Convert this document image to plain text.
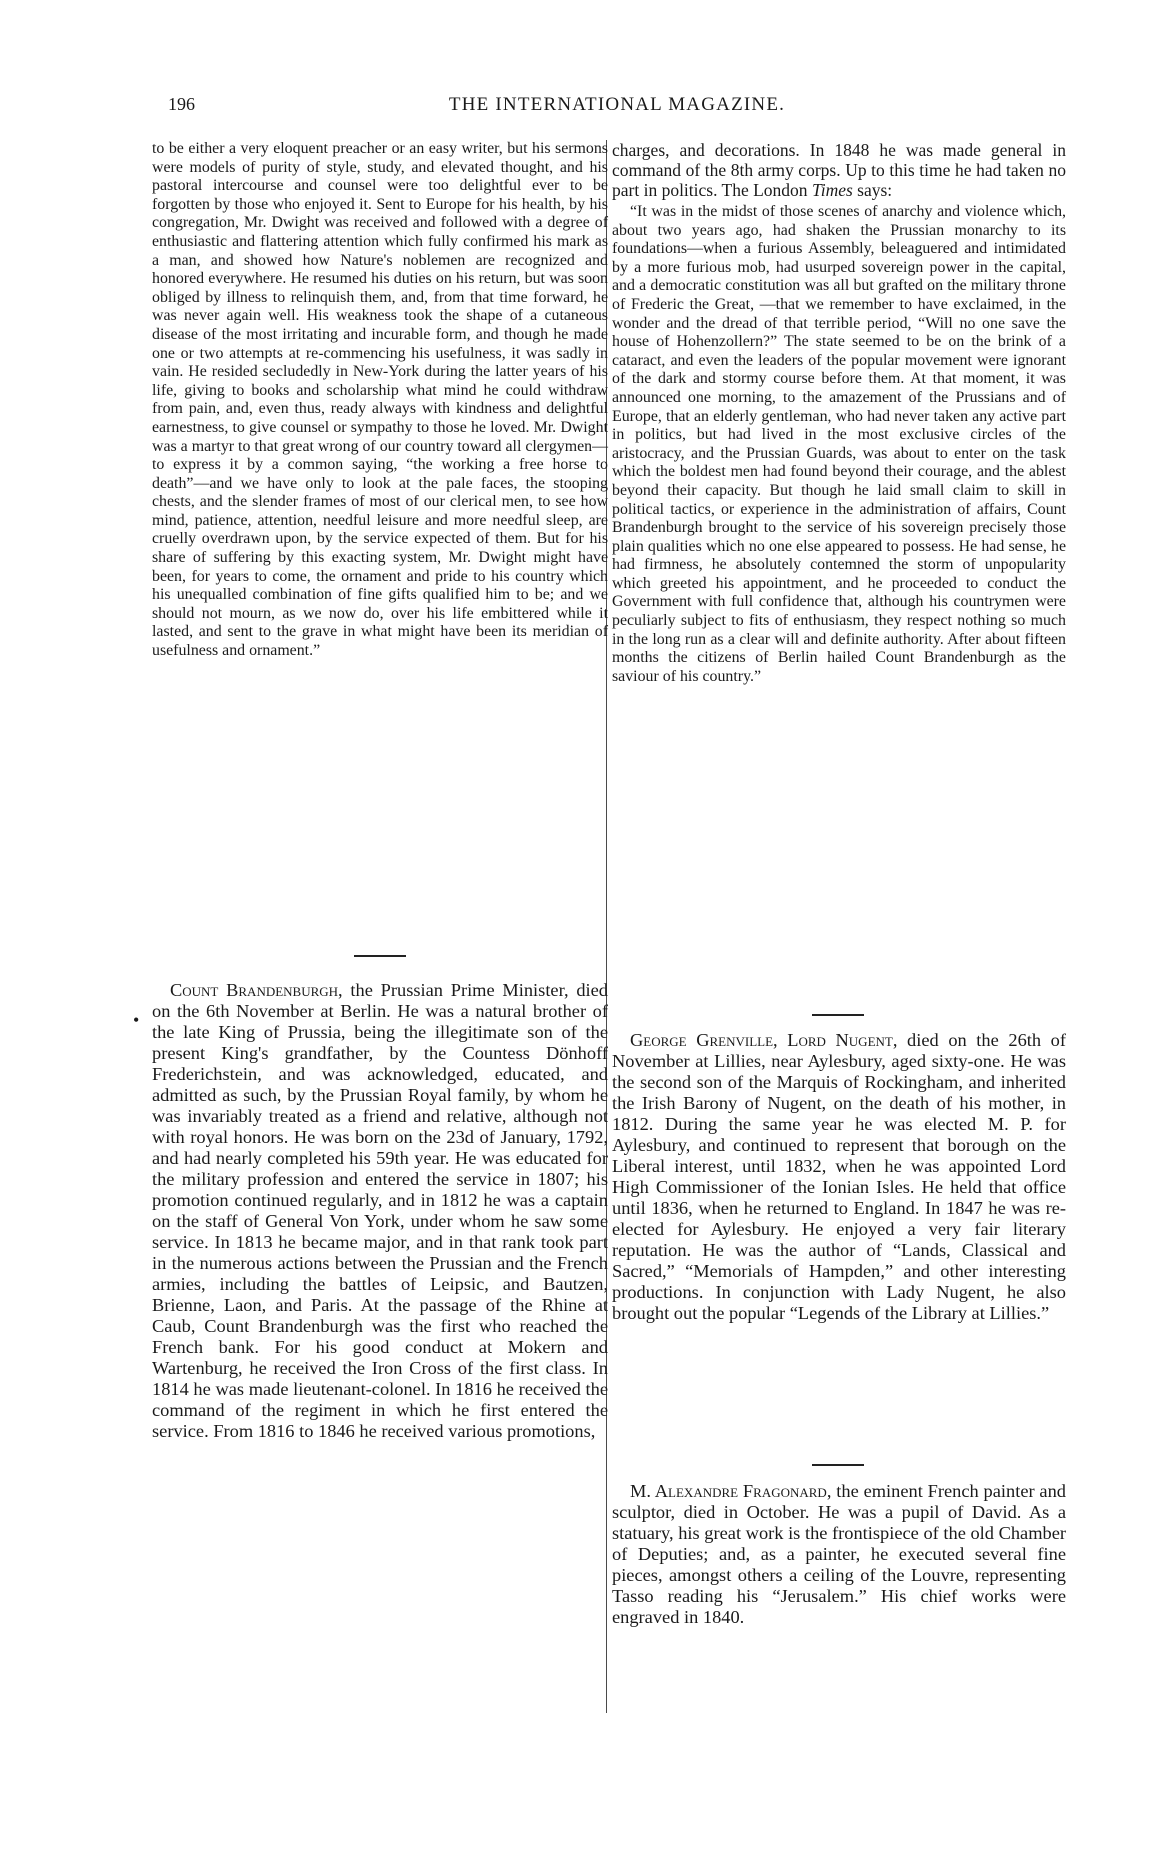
196	THE INTERNATIONAL MAGAZINE.

to be either a very eloquent preacher or an easy writer, but his sermons were models of purity of style, study, and elevated thought, and his pastoral intercourse and counsel were too delightful ever to be forgotten by those who enjoyed it. Sent to Europe for his health, by his congregation, Mr. Dwight was received and followed with a degree of enthusiastic and flattering attention which fully confirmed his mark as a man, and showed how Nature's noblemen are recognized and honored everywhere. He resumed his duties on his return, but was soon obliged by illness to relinquish them, and, from that time forward, he was never again well. His weakness took the shape of a cutaneous disease of the most irritating and incurable form, and though he made one or two attempts at re-commencing his usefulness, it was sadly in vain. He resided secludedly in New-York during the latter years of his life, giving to books and scholarship what mind he could withdraw from pain, and, even thus, ready always with kindness and delightful earnestness, to give counsel or sympathy to those he loved. Mr. Dwight was a martyr to that great wrong of our country toward all clergymen—to express it by a common saying, “the working a free horse to death”—and we have only to look at the pale faces, the stooping chests, and the slender frames of most of our clerical men, to see how mind, patience, attention, needful leisure and more needful sleep, are cruelly overdrawn upon, by the service expected of them. But for his share of suffering by this exacting system, Mr. Dwight might have been, for years to come, the ornament and pride to his country which his unequalled combination of fine gifts qualified him to be; and we should not mourn, as we now do, over his life embittered while it lasted, and sent to the grave in what might have been its meridian of usefulness and ornament.”

•

Count Brandenburgh, the Prussian Prime Minister, died on the 6th November at Berlin. He was a natural brother of the late King of Prussia, being the illegitimate son of the present King's grandfather, by the Countess Dönhoff Frederichstein, and was acknowledged, educated, and admitted as such, by the Prussian Royal family, by whom he was invariably treated as a friend and relative, although not with royal honors. He was born on the 23d of January, 1792, and had nearly completed his 59th year. He was educated for the military profession and entered the service in 1807; his promotion continued regularly, and in 1812 he was a captain on the staff of General Von York, under whom he saw some service. In 1813 he became major, and in that rank took part in the numerous actions between the Prussian and the French armies, including the battles of Leipsic, and Bautzen, Brienne, Laon, and Paris. At the passage of the Rhine at Caub, Count Brandenburgh was the first who reached the French bank. For his good conduct at Mokern and Wartenburg, he received the Iron Cross of the first class. In 1814 he was made lieutenant-colonel. In 1816 he received the command of the regiment in which he first entered the service. From 1816 to 1846 he received various promotions,

charges, and decorations. In 1848 he was made general in command of the 8th army corps. Up to this time he had taken no part in politics. The London Times says:

“It was in the midst of those scenes of anarchy and violence which, about two years ago, had shaken the Prussian monarchy to its foundations—when a furious Assembly, beleaguered and intimidated by a more furious mob, had usurped sovereign power in the capital, and a democratic constitution was all but grafted on the military throne of Frederic the Great, —that we remember to have exclaimed, in the wonder and the dread of that terrible period, “Will no one save the house of Hohenzollern?” The state seemed to be on the brink of a cataract, and even the leaders of the popular movement were ignorant of the dark and stormy course before them. At that moment, it was announced one morning, to the amazement of the Prussians and of Europe, that an elderly gentleman, who had never taken any active part in politics, but had lived in the most exclusive circles of the aristocracy, and the Prussian Guards, was about to enter on the task which the boldest men had found beyond their courage, and the ablest beyond their capacity. But though he laid small claim to skill in political tactics, or experience in the administration of affairs, Count Brandenburgh brought to the service of his sovereign precisely those plain qualities which no one else appeared to possess. He had sense, he had firmness, he absolutely contemned the storm of unpopularity which greeted his appointment, and he proceeded to conduct the Government with full confidence that, although his countrymen were peculiarly subject to fits of enthusiasm, they respect nothing so much in the long run as a clear will and definite authority. After about fifteen months the citizens of Berlin hailed Count Brandenburgh as the saviour of his country.”

George Grenville, Lord Nugent, died on the 26th of November at Lillies, near Aylesbury, aged sixty-one. He was the second son of the Marquis of Rockingham, and inherited the Irish Barony of Nugent, on the death of his mother, in 1812. During the same year he was elected M. P. for Aylesbury, and continued to represent that borough on the Liberal interest, until 1832, when he was appointed Lord High Commissioner of the Ionian Isles. He held that office until 1836, when he returned to England. In 1847 he was re-elected for Aylesbury. He enjoyed a very fair literary reputation. He was the author of “Lands, Classical and Sacred,” “Memorials of Hampden,” and other interesting productions. In conjunction with Lady Nugent, he also brought out the popular “Legends of the Library at Lillies.”

M. Alexandre Fragonard, the eminent French painter and sculptor, died in October. He was a pupil of David. As a statuary, his great work is the frontispiece of the old Chamber of Deputies; and, as a painter, he executed several fine pieces, amongst others a ceiling of the Louvre, representing Tasso reading his “Jerusalem.” His chief works were engraved in 1840.
